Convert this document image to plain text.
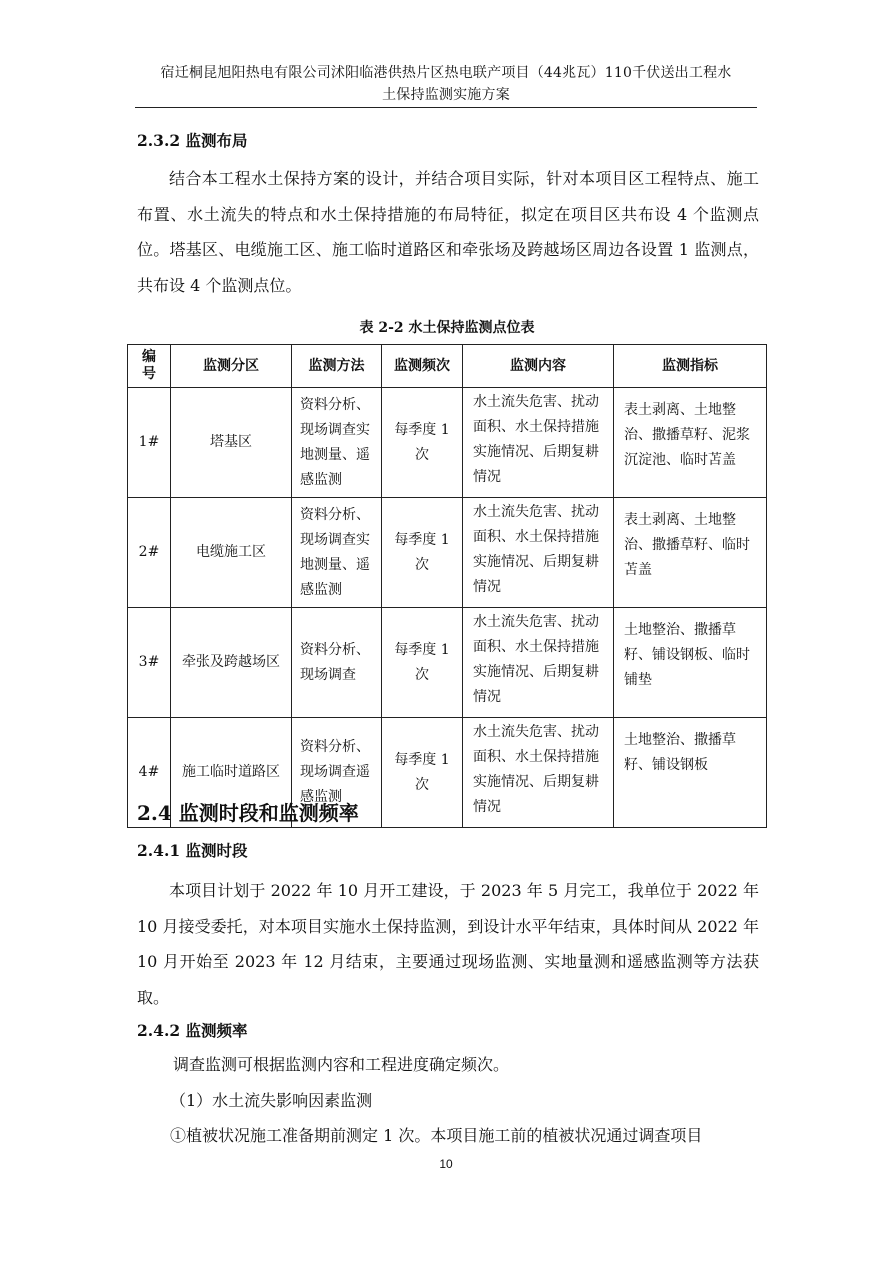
宿迁桐昆旭阳热电有限公司沭阳临港供热片区热电联产项目（44兆瓦）110千伏送出工程水
土保持监测实施方案
2.3.2 监测布局

结合本工程水土保持方案的设计，并结合项目实际，针对本项目区工程特点、施工布置、水土流失的特点和水土保持措施的布局特征，拟定在项目区共布设 4 个监测点位。塔基区、电缆施工区、施工临时道路区和牵张场及跨越场区周边各设置 1 监测点，共布设 4 个监测点位。

表 2-2 水土保持监测点位表
编号	监测分区	监测方法	监测频次	监测内容	监测指标
1#	塔基区	资料分析、现场调查实地测量、遥感监测	每季度 1 次	水土流失危害、扰动面积、水土保持措施实施情况、后期复耕情况	表土剥离、土地整治、撒播草籽、泥浆沉淀池、临时苫盖
2#	电缆施工区	资料分析、现场调查实地测量、遥感监测	每季度 1 次	水土流失危害、扰动面积、水土保持措施实施情况、后期复耕情况	表土剥离、土地整治、撒播草籽、临时苫盖
3#	牵张及跨越场区	资料分析、现场调查	每季度 1 次	水土流失危害、扰动面积、水土保持措施实施情况、后期复耕情况	土地整治、撒播草籽、铺设钢板、临时铺垫
4#	施工临时道路区	资料分析、现场调查遥感监测	每季度 1 次	水土流失危害、扰动面积、水土保持措施实施情况、后期复耕情况	土地整治、撒播草籽、铺设钢板
2.4 监测时段和监测频率
2.4.1 监测时段

本项目计划于 2022 年 10 月开工建设，于 2023 年 5 月完工，我单位于 2022 年 10 月接受委托，对本项目实施水土保持监测，到设计水平年结束，具体时间从 2022 年 10 月开始至 2023 年 12 月结束，主要通过现场监测、实地量测和遥感监测等方法获取。

2.4.2 监测频率
调查监测可根据监测内容和工程进度确定频次。
（1）水土流失影响因素监测
①植被状况施工准备期前测定 1 次。本项目施工前的植被状况通过调查项目
10
